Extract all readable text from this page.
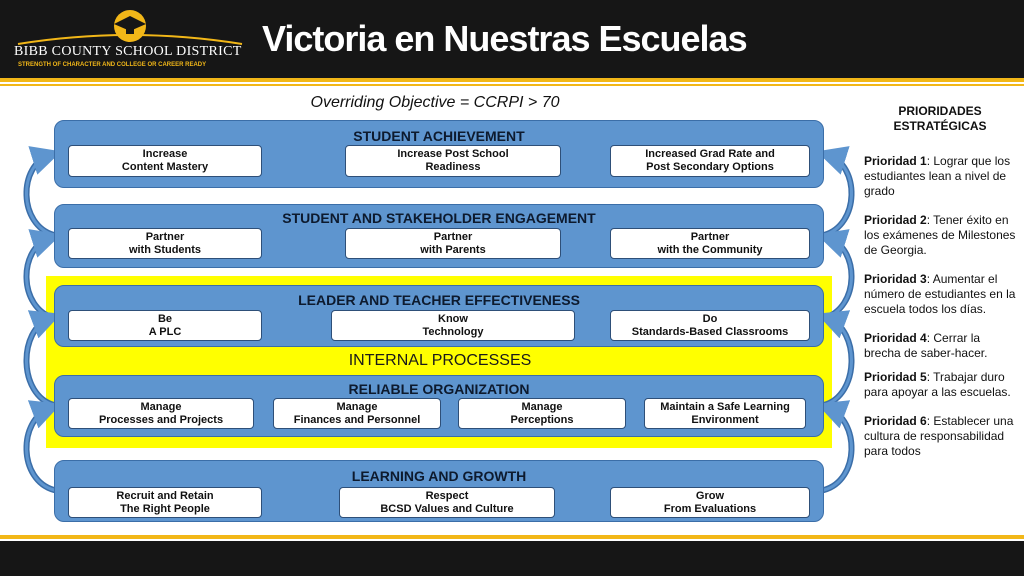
BIBB COUNTY SCHOOL DISTRICT
STRENGTH OF CHARACTER AND COLLEGE OR CAREER READY
Victoria en Nuestras Escuelas
Overriding Objective = CCRPI > 70
STUDENT ACHIEVEMENT
Increase
Content Mastery
Increase Post School
Readiness
Increased Grad Rate and
Post Secondary Options
STUDENT AND STAKEHOLDER ENGAGEMENT
Partner
with Students
Partner
with Parents
Partner
with the Community
LEADER AND TEACHER EFFECTIVENESS
Be
A PLC
Know
Technology
Do
Standards-Based Classrooms
INTERNAL PROCESSES
RELIABLE ORGANIZATION
Manage
Processes and Projects
Manage
Finances and Personnel
Manage
Perceptions
Maintain a Safe Learning
Environment
LEARNING AND GROWTH
Recruit and Retain
The Right People
Respect
BCSD Values and Culture
Grow
From Evaluations
PRIORIDADES ESTRATÉGICAS
Prioridad 1: Lograr que los estudiantes lean a nivel de grado
Prioridad 2: Tener éxito en los exámenes de Milestones de Georgia.
Prioridad 3: Aumentar el número de estudiantes en la escuela todos los días.
Prioridad 4: Cerrar la brecha de saber-hacer.
Prioridad 5: Trabajar duro para apoyar a las escuelas.
Prioridad 6: Establecer una cultura de responsabilidad para todos
